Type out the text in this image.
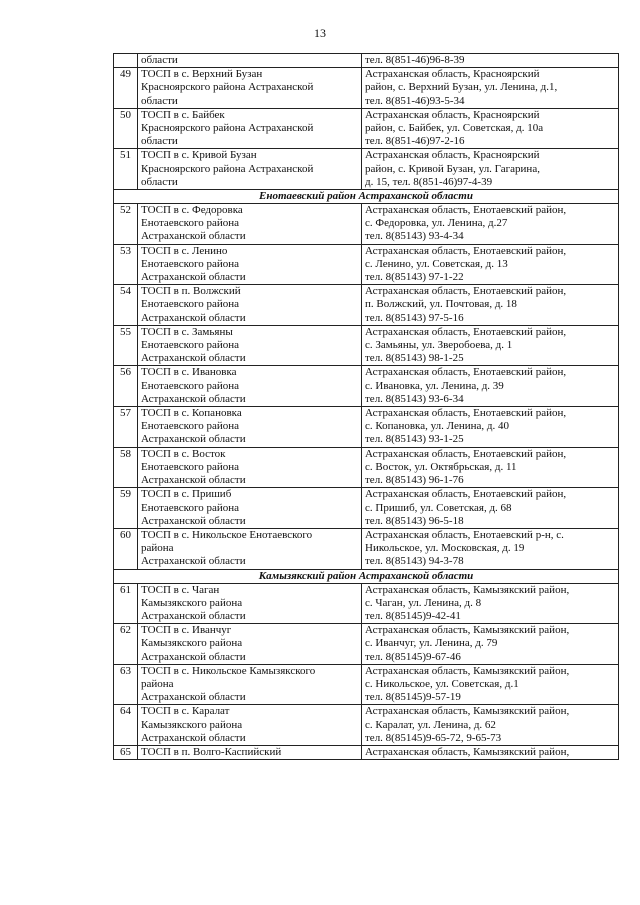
13

	области	тел. 8(851-46)96-8-39

49	ТОСП в с. Верхний Бузан
Красноярского района Астраханской
области	Астраханская область, Красноярский
район, с. Верхний Бузан, ул. Ленина, д.1,
тел. 8(851-46)93-5-34

50	ТОСП в с. Байбек
Красноярского района Астраханской
области	Астраханская область, Красноярский
район, с. Байбек, ул. Советская, д. 10а
тел. 8(851-46)97-2-16

51	ТОСП в с. Кривой Бузан
Красноярского района Астраханской
области	Астраханская область, Красноярский
район, с. Кривой Бузан, ул. Гагарина,
д. 15, тел. 8(851-46)97-4-39

Енотаевский район Астраханской области		
52	ТОСП в с. Федоровка
Енотаевского района
Астраханской области	Астраханская область, Енотаевский район,
с. Федоровка, ул. Ленина, д.27
тел. 8(85143) 93-4-34

53	ТОСП в с. Ленино
Енотаевского района
Астраханской области	Астраханская область, Енотаевский район,
с. Ленино, ул. Советская, д. 13
тел. 8(85143) 97-1-22

54	ТОСП в п. Волжский
Енотаевского района
Астраханской области	Астраханская область, Енотаевский район,
п. Волжский, ул. Почтовая, д. 18
тел. 8(85143) 97-5-16

55	ТОСП в с. Замьяны
Енотаевского района
Астраханской области	Астраханская область, Енотаевский район,
с. Замьяны, ул. Зверобоева, д. 1
тел. 8(85143) 98-1-25

56	ТОСП в с. Ивановка
Енотаевского района
Астраханской области	Астраханская область, Енотаевский район,
с. Ивановка, ул. Ленина, д. 39
тел. 8(85143) 93-6-34

57	ТОСП в с. Копановка
Енотаевского района
Астраханской области	Астраханская область, Енотаевский район,
с. Копановка, ул. Ленина, д. 40
тел. 8(85143) 93-1-25

58	ТОСП в с. Восток
Енотаевского района
Астраханской области	Астраханская область, Енотаевский район,
с. Восток, ул. Октябрьская, д. 11
тел. 8(85143) 96-1-76

59	ТОСП в с. Пришиб
Енотаевского района
Астраханской области	Астраханская область, Енотаевский район,
с. Пришиб, ул. Советская, д. 68
тел. 8(85143) 96-5-18

60	ТОСП в с. Никольское Енотаевского
района
Астраханской области	Астраханская область, Енотаевский р-н, с.
Никольское, ул. Московская, д. 19
тел. 8(85143) 94-3-78

Камызякский район Астраханской области		
61	ТОСП в с. Чаган
Камызякского района
Астраханской области	Астраханская область, Камызякский район,
с. Чаган, ул. Ленина, д. 8
тел. 8(85145)9-42-41

62	ТОСП в с. Иванчуг
Камызякского района
Астраханской области	Астраханская область, Камызякский район,
с. Иванчуг, ул. Ленина, д. 79
тел. 8(85145)9-67-46

63	ТОСП в с. Никольское Камызякского
района
Астраханской области	Астраханская область, Камызякский район,
с. Никольское, ул. Советская, д.1
тел. 8(85145)9-57-19

64	ТОСП в с. Каралат
Камызякского района
Астраханской области	Астраханская область, Камызякский район,
с. Каралат, ул. Ленина, д. 62
тел. 8(85145)9-65-72, 9-65-73

65	ТОСП в п. Волго-Каспийский	Астраханская область, Камызякский район,
